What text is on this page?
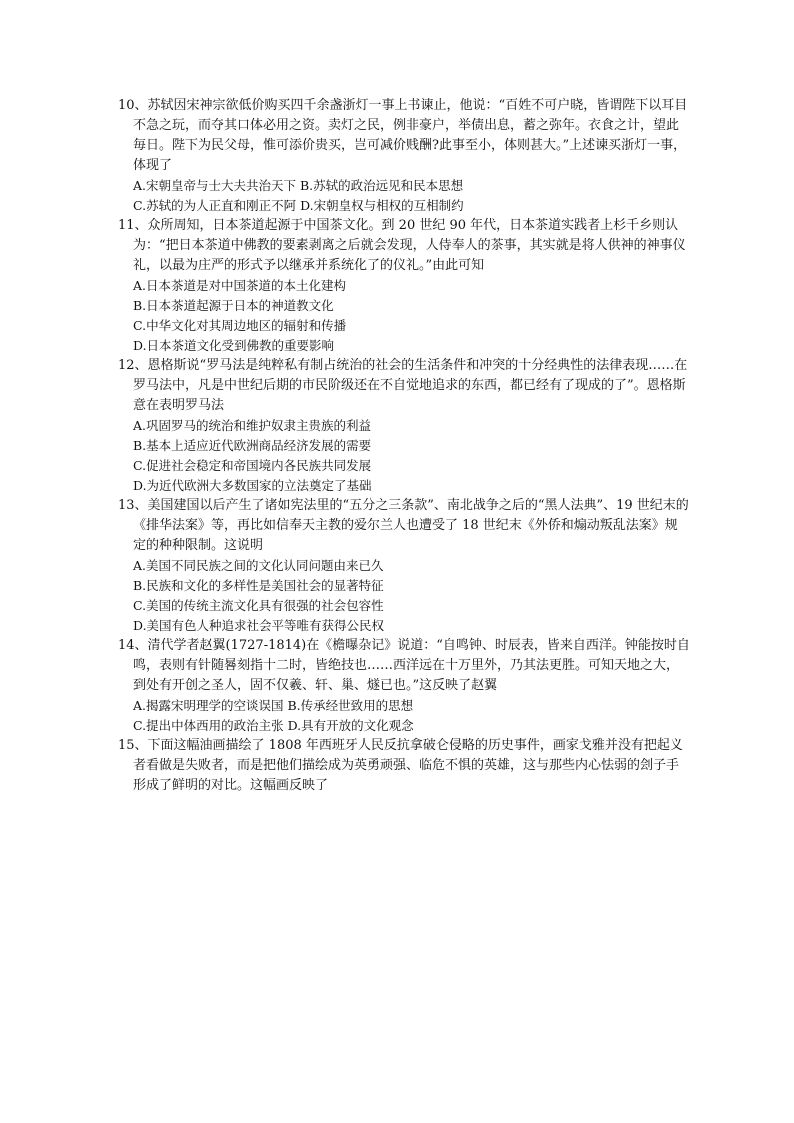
10、苏轼因宋神宗欲低价购买四千余盏浙灯一事上书谏止，他说：“百姓不可户晓，皆谓陛下以耳目不急之玩，而夺其口体必用之资。卖灯之民，例非豪户，举债出息，蓄之弥年。衣食之计，望此毎日。陛下为民父母，惟可添价贵买，岂可减价贱酬?此事至小，体则甚大。”上述谏买浙灯一事，体现了

A.宋朝皇帝与士大夫共治天下 B.苏轼的政治远见和民本思想

C.苏轼的为人正直和刚正不阿 D.宋朝皇权与相权的互相制约

11、众所周知，日本茶道起源于中国茶文化。到 20 世纪 90 年代，日本茶道实践者上杉千乡则认为：“把日本茶道中佛教的要素剥离之后就会发现，人侍奉人的茶事，其实就是将人供神的神事仪礼，以最为庄严的形式予以继承并系统化了的仪礼。”由此可知

A.日本茶道是对中国茶道的本土化建构

B.日本茶道起源于日本的神道教文化

C.中华文化对其周边地区的辐射和传播

D.日本茶道文化受到佛教的重要影响

12、恩格斯说“罗马法是纯粹私有制占统治的社会的生活条件和冲突的十分经典性的法律表现……在罗马法中，凡是中世纪后期的市民阶级还在不自觉地追求的东西，都已经有了现成的了”。恩格斯意在表明罗马法

A.巩固罗马的统治和维护奴隶主贵族的利益

B.基本上适应近代欧洲商品经济发展的需要

C.促进社会稳定和帝国境内各民族共同发展

D.为近代欧洲大多数国家的立法奠定了基础

13、美国建国以后产生了诸如宪法里的“五分之三条款”、南北战争之后的“黑人法典”、19 世纪末的《排华法案》等，再比如信奉天主教的爱尔兰人也遭受了 18 世纪末《外侨和煽动叛乱法案》规定的种种限制。这说明

A.美国不同民族之间的文化认同问题由来已久

B.民族和文化的多样性是美国社会的显著特征

C.美国的传统主流文化具有很强的社会包容性

D.美国有色人种追求社会平等唯有获得公民权

14、清代学者赵翼(1727-1814)在《檐曝杂记》说道：“自鸣钟、时辰表，皆来自西洋。钟能按时自鸣，表则有针随晷刻指十二时，皆绝技也……西洋远在十万里外，乃其法更胜。可知天地之大，到处有开创之圣人，固不仅羲、轩、巢、燧已也。”这反映了赵翼

A.揭露宋明理学的空谈误国 B.传承经世致用的思想

C.提出中体西用的政治主张 D.具有开放的文化观念

15、下面这幅油画描绘了 1808 年西班牙人民反抗拿破仑侵略的历史事件，画家戈雅并没有把起义者看做是失败者，而是把他们描绘成为英勇顽强、临危不惧的英雄，这与那些内心怯弱的刽子手形成了鲜明的对比。这幅画反映了
